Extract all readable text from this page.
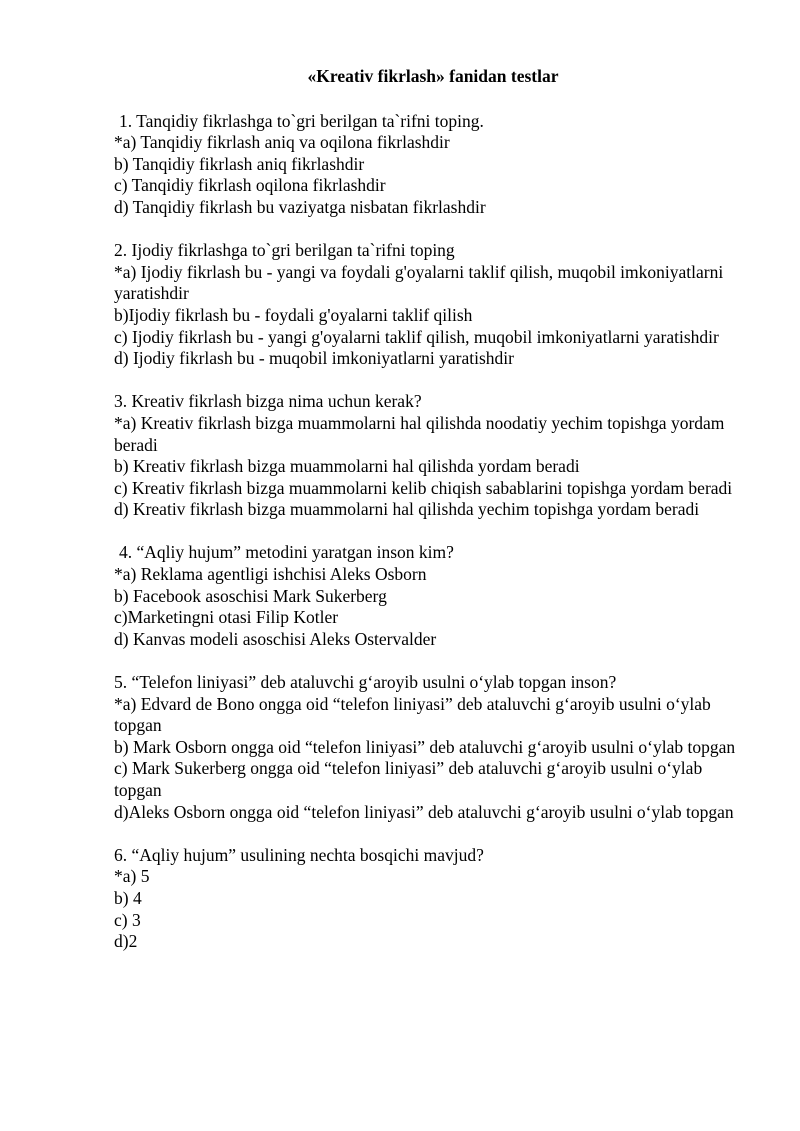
«Kreativ fikrlash» fanidan testlar

1. Tanqidiy fikrlashga to`gri berilgan ta`rifni toping.

*a) Tanqidiy fikrlash aniq va oqilona fikrlashdir

b) Tanqidiy fikrlash aniq fikrlashdir

c) Tanqidiy fikrlash oqilona fikrlashdir

d) Tanqidiy fikrlash bu vaziyatga nisbatan fikrlashdir

2. Ijodiy fikrlashga to`gri berilgan ta`rifni toping

*a) Ijodiy fikrlash bu - yangi va foydali g'oyalarni taklif qilish, muqobil imkoniyatlarni yaratishdir

b)Ijodiy fikrlash bu - foydali g'oyalarni taklif qilish

c) Ijodiy fikrlash bu - yangi g'oyalarni taklif qilish, muqobil imkoniyatlarni yaratishdir

d) Ijodiy fikrlash bu - muqobil imkoniyatlarni yaratishdir

3. Kreativ fikrlash bizga nima uchun kerak?

*a) Kreativ fikrlash bizga muammolarni hal qilishda noodatiy yechim topishga yordam beradi

b) Kreativ fikrlash bizga muammolarni hal qilishda yordam beradi

c) Kreativ fikrlash bizga muammolarni kelib chiqish sabablarini topishga yordam beradi

d) Kreativ fikrlash bizga muammolarni hal qilishda yechim topishga yordam beradi

4. “Aqliy hujum” metodini yaratgan inson kim?

*a) Reklama agentligi ishchisi Aleks Osborn

b) Facebook asoschisi Mark Sukerberg

c)Marketingni otasi Filip Kotler

d) Kanvas modeli asoschisi Aleks Ostervalder

5. “Telefon liniyasi” deb ataluvchi g‘aroyib usulni o‘ylab topgan inson?

*a) Edvard de Bono ongga oid “telefon liniyasi” deb ataluvchi g‘aroyib usulni o‘ylab topgan

b) Mark Osborn ongga oid “telefon liniyasi” deb ataluvchi g‘aroyib usulni o‘ylab topgan

c) Mark Sukerberg ongga oid “telefon liniyasi” deb ataluvchi g‘aroyib usulni o‘ylab topgan

d)Aleks Osborn ongga oid “telefon liniyasi” deb ataluvchi g‘aroyib usulni o‘ylab topgan

6. “Aqliy hujum” usulining nechta bosqichi mavjud?

*a) 5

b) 4

c) 3

d)2
